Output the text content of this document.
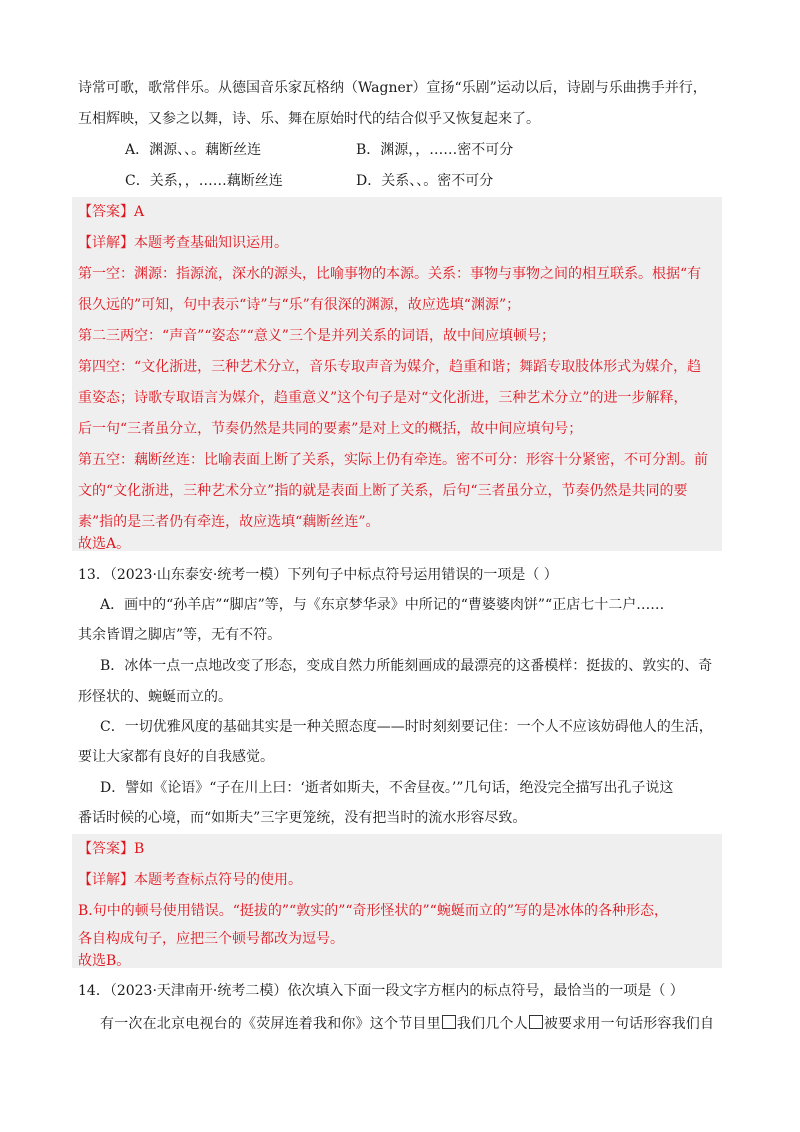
诗常可歌，歌常伴乐。从德国音乐家瓦格纳（Wagner）宣扬“乐剧”运动以后，诗剧与乐曲携手并行，
互相辉映，又参之以舞，诗、乐、舞在原始时代的结合似乎又恢复起来了。
A．渊源、、。藕断丝连	B．渊源，，……密不可分
C．关系，，……藕断丝连	D．关系、、。密不可分
【答案】A
【详解】本题考查基础知识运用。
第一空：渊源：指源流，深水的源头，比喻事物的本源。关系：事物与事物之间的相互联系。根据“有
很久远的”可知，句中表示“诗”与“乐”有很深的渊源，故应选填“渊源”；
第二三两空：“声音”“姿态”“意义”三个是并列关系的词语，故中间应填顿号；
第四空：“文化浙进，三种艺术分立，音乐专取声音为媒介，趋重和谐；舞蹈专取肢体形式为媒介，趋
重姿态；诗歌专取语言为媒介，趋重意义”这个句子是对“文化浙进，三种艺术分立”的进一步解释，
后一句“三者虽分立，节奏仍然是共同的要素”是对上文的概括，故中间应填句号；
第五空：藕断丝连：比喻表面上断了关系，实际上仍有牵连。密不可分：形容十分紧密，不可分割。前
文的“文化浙进，三种艺术分立”指的就是表面上断了关系，后句“三者虽分立，节奏仍然是共同的要
素”指的是三者仍有牵连，故应选填“藕断丝连”。
故选A。
13．（2023·山东泰安·统考一模）下列句子中标点符号运用错误的一项是（ ）
A．画中的“孙羊店”“脚店”等，与《东京梦华录》中所记的“曹婆婆肉饼”“正店七十二户……
其余皆谓之脚店”等，无有不符。
B．冰体一点一点地改变了形态，变成自然力所能刻画成的最漂亮的这番模样：挺拔的、敦实的、奇
形怪状的、蜿蜒而立的。
C．一切优雅风度的基础其实是一种关照态度——时时刻刻要记住：一个人不应该妨碍他人的生活，
要让大家都有良好的自我感觉。
D．譬如《论语》“子在川上曰：‘逝者如斯夫，不舍昼夜。’”几句话，绝没完全描写出孔子说这
番话时候的心境，而“如斯夫”三字更笼统，没有把当时的流水形容尽致。
【答案】B
【详解】本题考查标点符号的使用。
B.句中的顿号使用错误。“挺拔的”“敦实的”“奇形怪状的”“蜿蜒而立的”写的是冰体的各种形态，
各自构成句子，应把三个顿号都改为逗号。
故选B。
14．（2023·天津南开·统考二模）依次填入下面一段文字方框内的标点符号，最恰当的一项是（ ）
有一次在北京电视台的《荧屏连着我和你》这个节目里 我们几个人 被要求用一句话形容我们自
